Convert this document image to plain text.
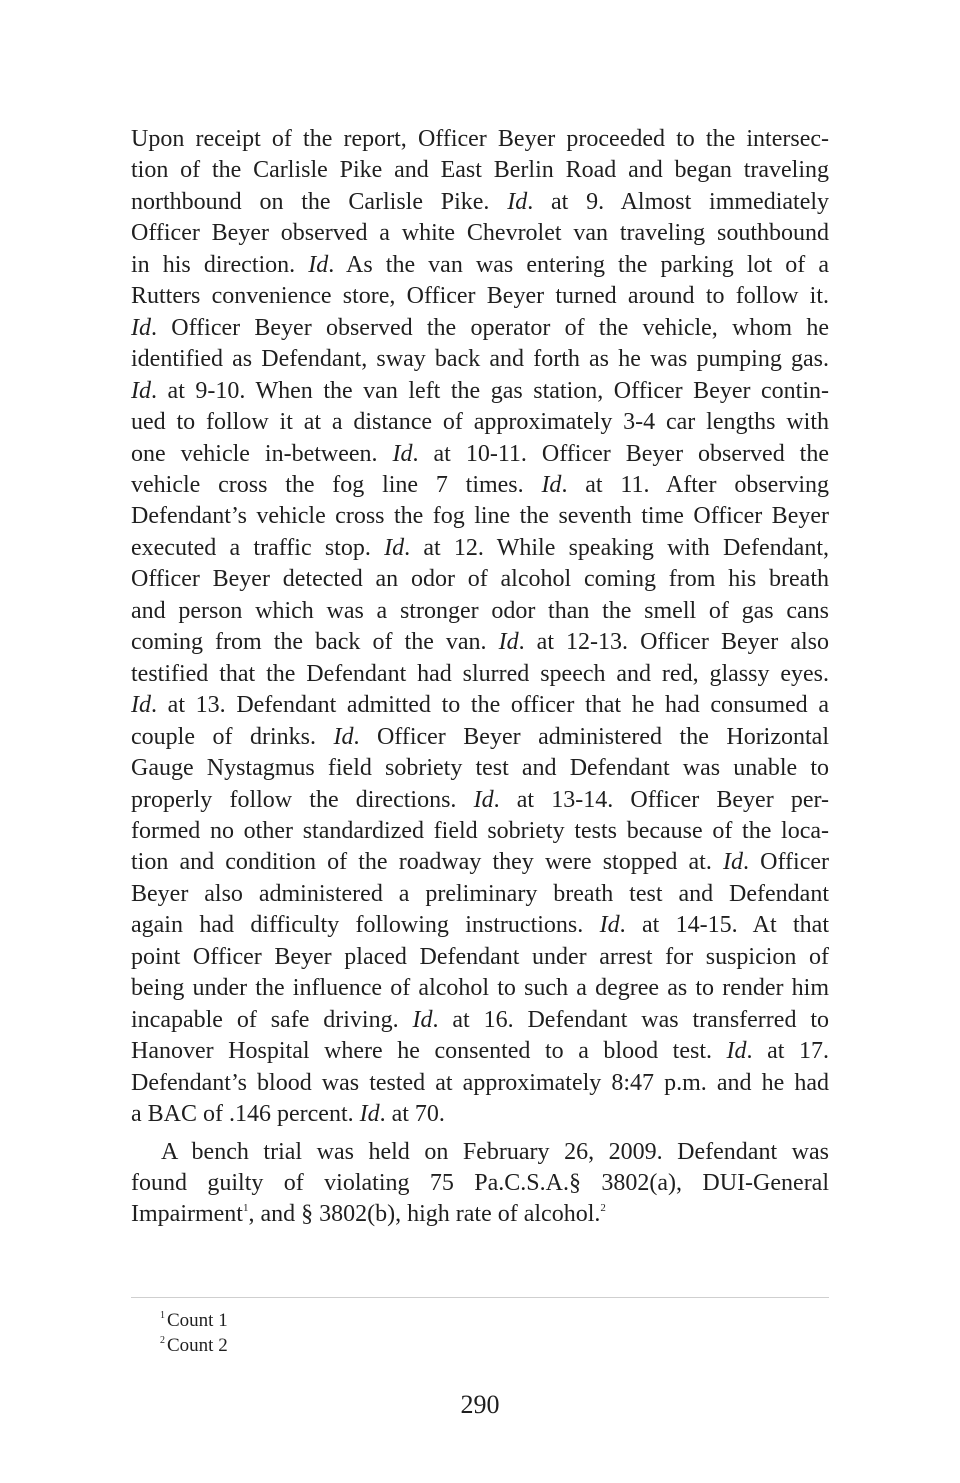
Upon receipt of the report, Officer Beyer proceeded to the intersec-
tion of the Carlisle Pike and East Berlin Road and began traveling
northbound on the Carlisle Pike. Id. at 9. Almost immediately
Officer Beyer observed a white Chevrolet van traveling southbound
in his direction. Id. As the van was entering the parking lot of a
Rutters convenience store, Officer Beyer turned around to follow it.
Id. Officer Beyer observed the operator of the vehicle, whom he
identified as Defendant, sway back and forth as he was pumping gas.
Id. at 9-10. When the van left the gas station, Officer Beyer contin-
ued to follow it at a distance of approximately 3-4 car lengths with
one vehicle in-between. Id. at 10-11. Officer Beyer observed the
vehicle cross the fog line 7 times. Id. at 11. After observing
Defendant’s vehicle cross the fog line the seventh time Officer Beyer
executed a traffic stop. Id. at 12. While speaking with Defendant,
Officer Beyer detected an odor of alcohol coming from his breath
and person which was a stronger odor than the smell of gas cans
coming from the back of the van. Id. at 12-13. Officer Beyer also
testified that the Defendant had slurred speech and red, glassy eyes.
Id. at 13. Defendant admitted to the officer that he had consumed a
couple of drinks. Id. Officer Beyer administered the Horizontal
Gauge Nystagmus field sobriety test and Defendant was unable to
properly follow the directions. Id. at 13-14. Officer Beyer per-
formed no other standardized field sobriety tests because of the loca-
tion and condition of the roadway they were stopped at. Id. Officer
Beyer also administered a preliminary breath test and Defendant
again had difficulty following instructions. Id. at 14-15. At that
point Officer Beyer placed Defendant under arrest for suspicion of
being under the influence of alcohol to such a degree as to render him
incapable of safe driving. Id. at 16. Defendant was transferred to
Hanover Hospital where he consented to a blood test. Id. at 17.
Defendant’s blood was tested at approximately 8:47 p.m. and he had
a BAC of .146 percent. Id. at 70.

A bench trial was held on February 26, 2009. Defendant was
found guilty of violating 75 Pa.C.S.A.§ 3802(a), DUI-General
Impairment$^1$, and § 3802(b), high rate of alcohol.$^2$

$^1$ Count 1
$^2$ Count 2
290
